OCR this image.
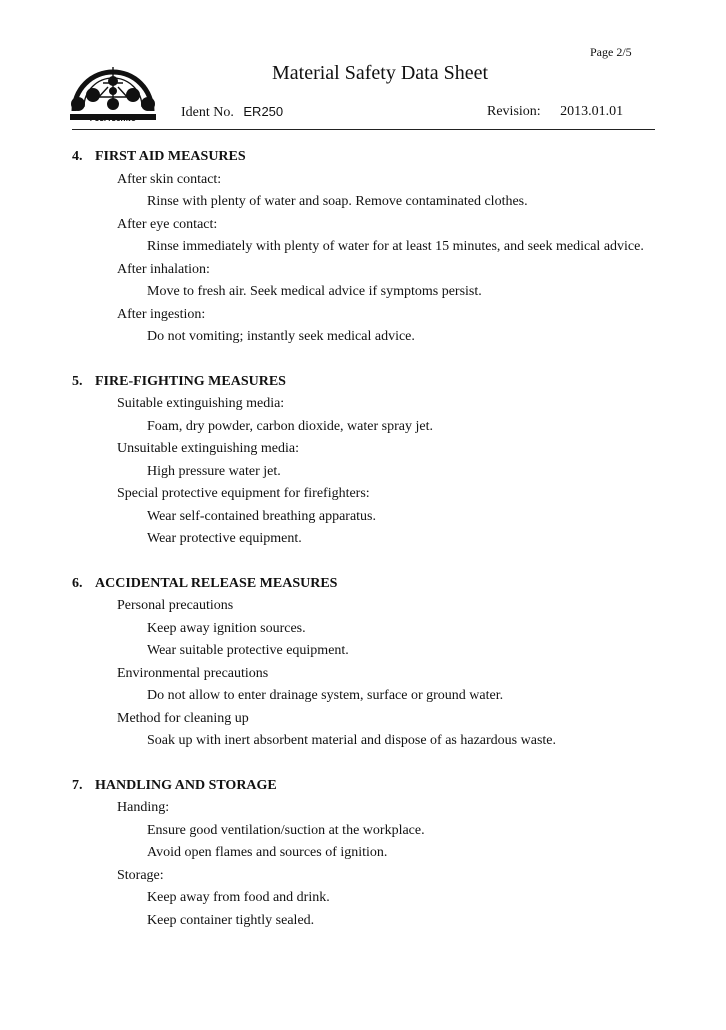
Page 2/5
POLYTECHNO
Material Safety Data Sheet
Ident No. ER250	Revision: 2013.01.01
4. FIRST AID MEASURES
After skin contact:
Rinse with plenty of water and soap. Remove contaminated clothes.
After eye contact:
Rinse immediately with plenty of water for at least 15 minutes, and seek medical advice.
After inhalation:
Move to fresh air. Seek medical advice if symptoms persist.
After ingestion:
Do not vomiting; instantly seek medical advice.
5. FIRE-FIGHTING MEASURES
Suitable extinguishing media:
Foam, dry powder, carbon dioxide, water spray jet.
Unsuitable extinguishing media:
High pressure water jet.
Special protective equipment for firefighters:
Wear self-contained breathing apparatus.
Wear protective equipment.
6. ACCIDENTAL RELEASE MEASURES
Personal precautions
Keep away ignition sources.
Wear suitable protective equipment.
Environmental precautions
Do not allow to enter drainage system, surface or ground water.
Method for cleaning up
Soak up with inert absorbent material and dispose of as hazardous waste.
7. HANDLING AND STORAGE
Handing:
Ensure good ventilation/suction at the workplace.
Avoid open flames and sources of ignition.
Storage:
Keep away from food and drink.
Keep container tightly sealed.
